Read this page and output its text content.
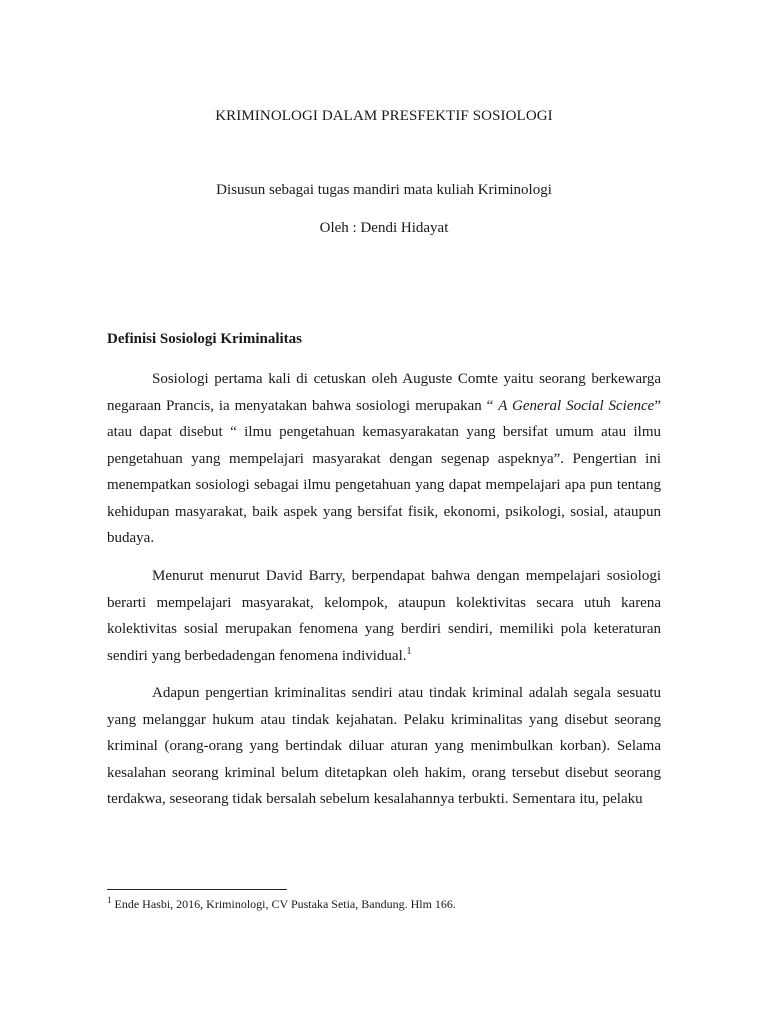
KRIMINOLOGI DALAM PRESFEKTIF SOSIOLOGI
Disusun sebagai tugas mandiri mata kuliah Kriminologi
Oleh : Dendi Hidayat
Definisi Sosiologi Kriminalitas

Sosiologi pertama kali di cetuskan oleh Auguste Comte yaitu seorang berkewarga negaraan Prancis, ia menyatakan bahwa sosiologi merupakan “ A General Social Science” atau dapat disebut “ ilmu pengetahuan kemasyarakatan yang bersifat umum atau ilmu pengetahuan yang mempelajari masyarakat dengan segenap aspeknya”. Pengertian ini menempatkan sosiologi sebagai ilmu pengetahuan yang dapat mempelajari apa pun tentang kehidupan masyarakat, baik aspek yang bersifat fisik, ekonomi, psikologi, sosial, ataupun budaya.

Menurut menurut David Barry, berpendapat bahwa dengan mempelajari sosiologi berarti mempelajari masyarakat, kelompok, ataupun kolektivitas secara utuh karena kolektivitas sosial merupakan fenomena yang berdiri sendiri, memiliki pola keteraturan sendiri yang berbedadengan fenomena individual.$^1$

Adapun pengertian kriminalitas sendiri atau tindak kriminal adalah segala sesuatu yang melanggar hukum atau tindak kejahatan. Pelaku kriminalitas yang disebut seorang kriminal (orang-orang yang bertindak diluar aturan yang menimbulkan korban). Selama kesalahan seorang kriminal belum ditetapkan oleh hakim, orang tersebut disebut seorang terdakwa, seseorang tidak bersalah sebelum kesalahannya terbukti. Sementara itu, pelaku

$^1$ Ende Hasbi, 2016, Kriminologi, CV Pustaka Setia, Bandung. Hlm 166.
